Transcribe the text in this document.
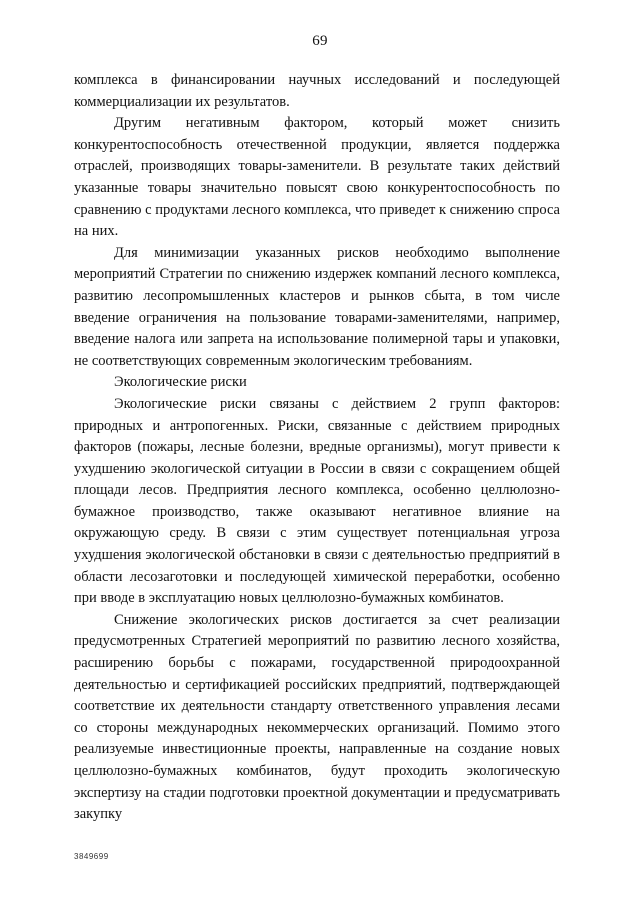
69

комплекса в финансировании научных исследований и последующей коммерциализации их результатов.

Другим негативным фактором, который может снизить конкурентоспособность отечественной продукции, является поддержка отраслей, производящих товары-заменители. В результате таких действий указанные товары значительно повысят свою конкурентоспособность по сравнению с продуктами лесного комплекса, что приведет к снижению спроса на них.

Для минимизации указанных рисков необходимо выполнение мероприятий Стратегии по снижению издержек компаний лесного комплекса, развитию лесопромышленных кластеров и рынков сбыта, в том числе введение ограничения на пользование товарами-заменителями, например, введение налога или запрета на использование полимерной тары и упаковки, не соответствующих современным экологическим требованиям.

Экологические риски

Экологические риски связаны с действием 2 групп факторов: природных и антропогенных. Риски, связанные с действием природных факторов (пожары, лесные болезни, вредные организмы), могут привести к ухудшению экологической ситуации в России в связи с сокращением общей площади лесов. Предприятия лесного комплекса, особенно целлюлозно-бумажное производство, также оказывают негативное влияние на окружающую среду. В связи с этим существует потенциальная угроза ухудшения экологической обстановки в связи с деятельностью предприятий в области лесозаготовки и последующей химической переработки, особенно при вводе в эксплуатацию новых целлюлозно-бумажных комбинатов.

Снижение экологических рисков достигается за счет реализации предусмотренных Стратегией мероприятий по развитию лесного хозяйства, расширению борьбы с пожарами, государственной природоохранной деятельностью и сертификацией российских предприятий, подтверждающей соответствие их деятельности стандарту ответственного управления лесами со стороны международных некоммерческих организаций. Помимо этого реализуемые инвестиционные проекты, направленные на создание новых целлюлозно-бумажных комбинатов, будут проходить экологическую экспертизу на стадии подготовки проектной документации и предусматривать закупку

3849699
